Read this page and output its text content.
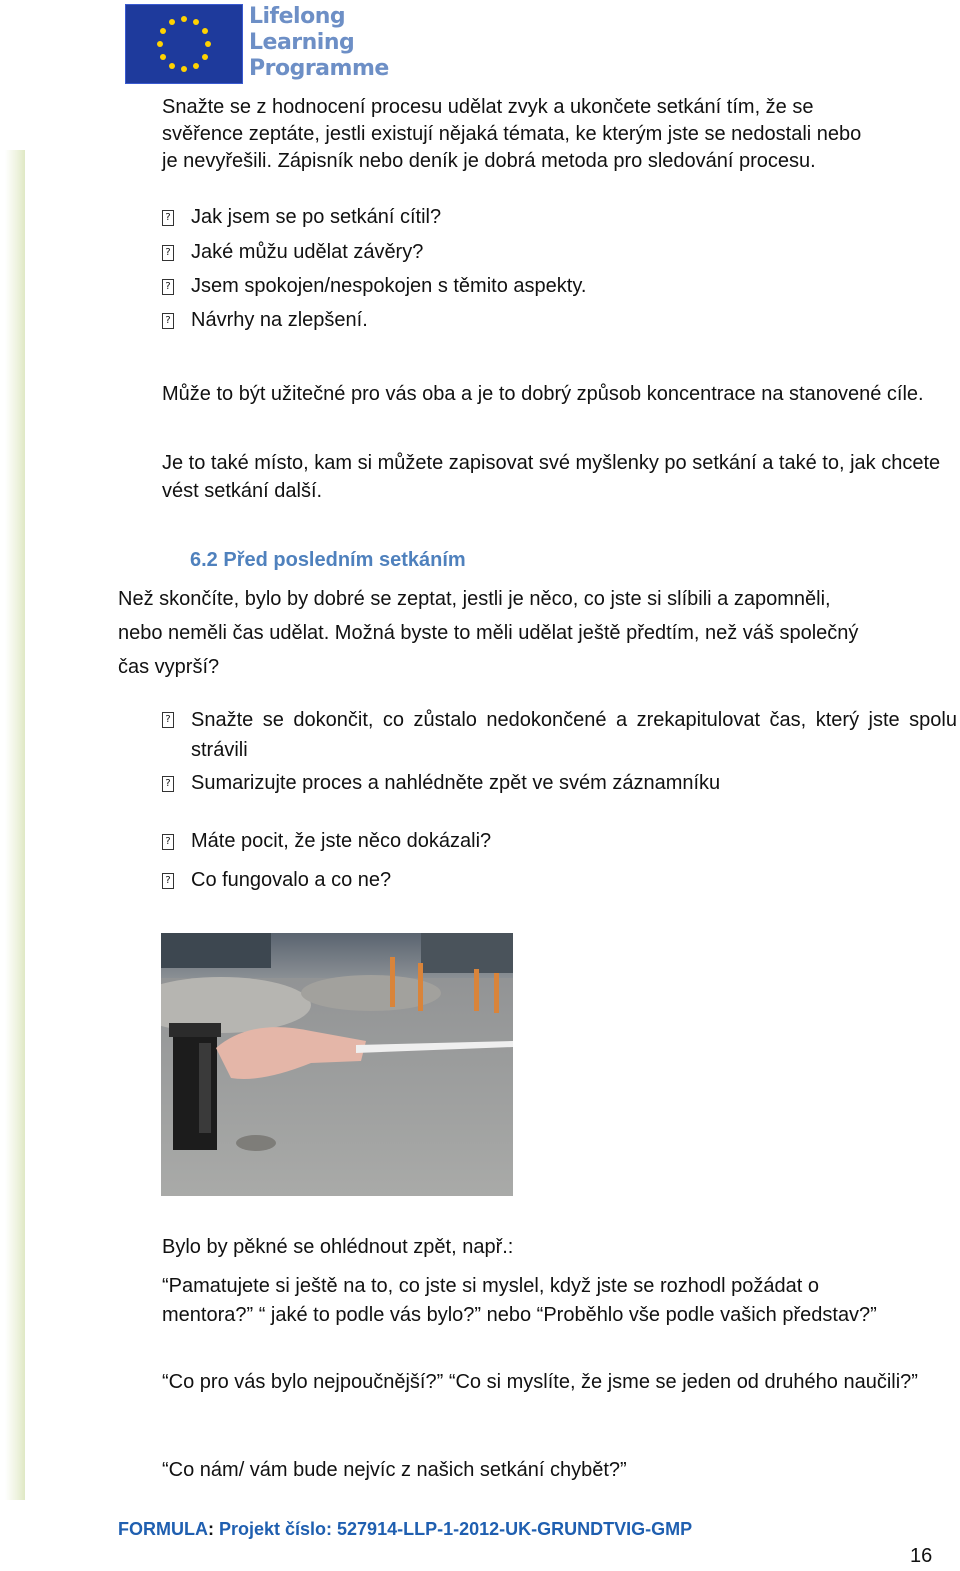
Lifelong
Learning
Programme
Snažte se z hodnocení procesu udělat zvyk a ukončete setkání tím, že se
svěřence zeptáte, jestli existují nějaká témata, ke kterým jste se nedostali nebo
je nevyřešili. Zápisník nebo deník je dobrá metoda pro sledování procesu.
? Jak jsem se po setkání cítil?
? Jaké můžu udělat závěry?
? Jsem spokojen/nespokojen s těmito aspekty.
? Návrhy na zlepšení.

Může to být užitečné pro vás oba a je to dobrý způsob koncentrace na stanovené cíle.

Je to také místo, kam si můžete zapisovat své myšlenky po setkání a také to, jak chcete vést setkání další.

6.2 Před posledním setkáním
Než skončíte, bylo by dobré se zeptat, jestli je něco, co jste si slíbili a zapomněli,
nebo neměli čas udělat. Možná byste to měli udělat ještě předtím, než váš společný
čas vyprší?
? Snažte se dokončit, co zůstalo nedokončené a zrekapitulovat čas, který jste spolu strávili
? Sumarizujte proces a nahlédněte zpět ve svém záznamníku
? Máte pocit, že jste něco dokázali?
? Co fungovalo a co ne?
Bylo by pěkné se ohlédnout zpět, např.:

“Pamatujete si ještě na to, co jste si myslel, když jste se rozhodl požádat o mentora?” “ jaké to podle vás bylo?” nebo “Proběhlo vše podle vašich představ?”

“Co pro vás bylo nejpoučnější?” “Co si myslíte, že jsme se jeden od druhého naučili?”

“Co nám/ vám bude nejvíc z našich setkání chybět?”
FORMULA: Projekt číslo: 527914-LLP-1-2012-UK-GRUNDTVIG-GMP
16
